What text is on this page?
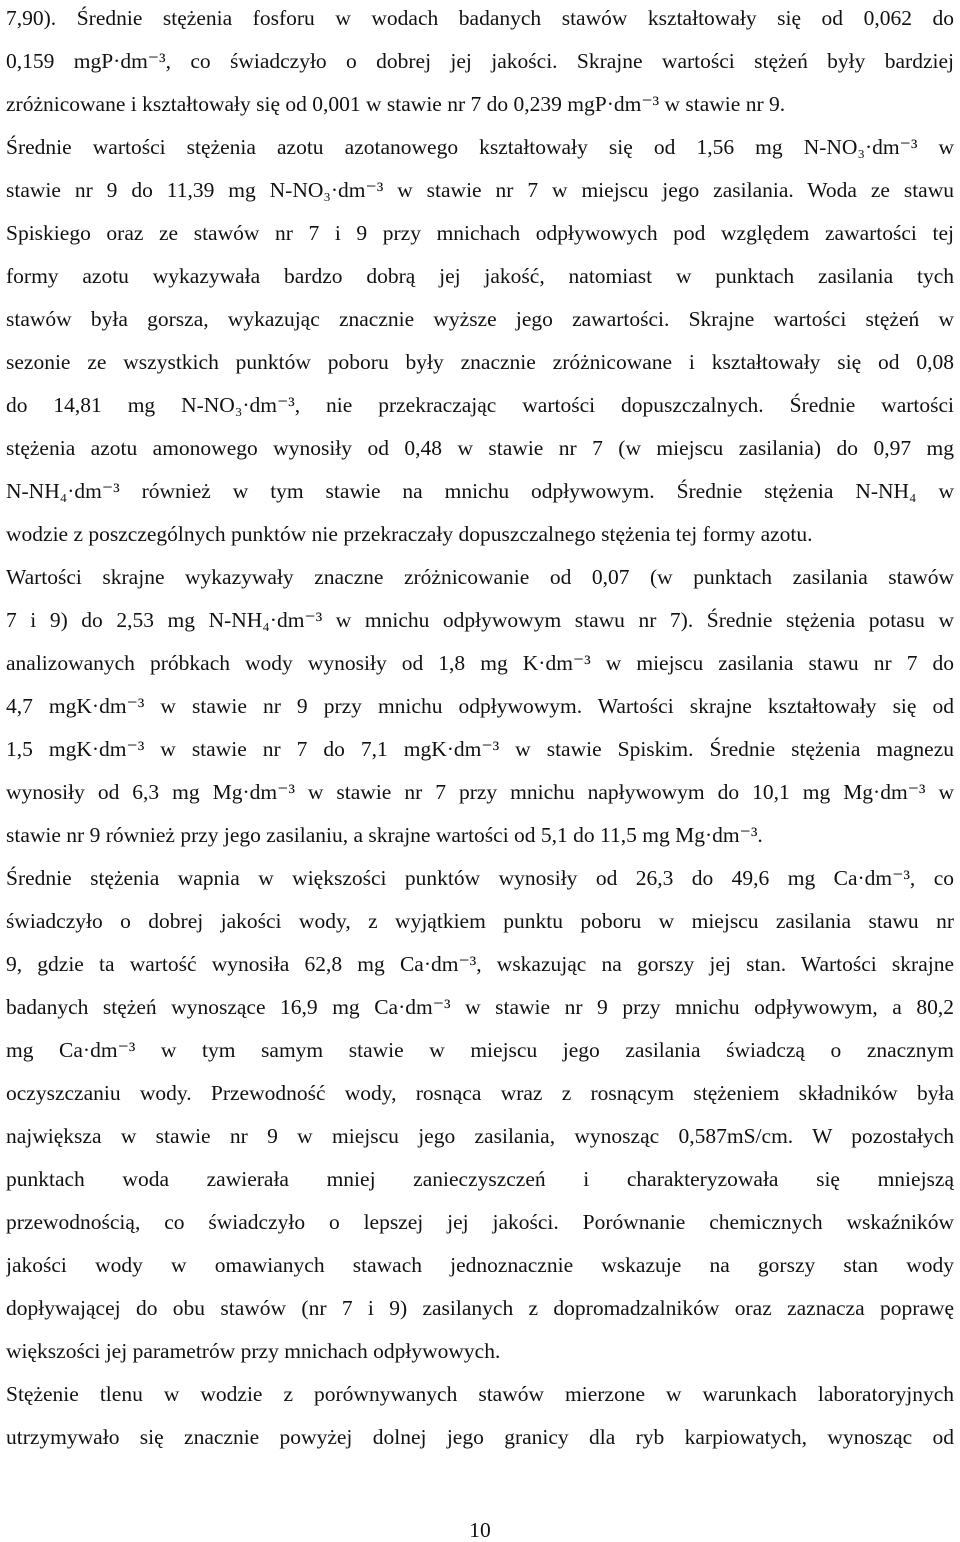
7,90). Średnie stężenia fosforu w wodach badanych stawów kształtowały się od 0,062 do
0,159 mgP·dm⁻³, co świadczyło o dobrej jej jakości. Skrajne wartości stężeń były bardziej
zróżnicowane i kształtowały się od 0,001 w stawie nr 7 do 0,239 mgP·dm⁻³ w stawie nr 9.
Średnie wartości stężenia azotu azotanowego kształtowały się od 1,56 mg N-NO₃·dm⁻³ w
stawie nr 9 do 11,39 mg N-NO₃·dm⁻³ w stawie nr 7 w miejscu jego zasilania. Woda ze stawu
Spiskiego oraz ze stawów nr 7 i 9 przy mnichach odpływowych pod względem zawartości tej
formy azotu wykazywała bardzo dobrą jej jakość, natomiast w punktach zasilania tych
stawów była gorsza, wykazując znacznie wyższe jego zawartości. Skrajne wartości stężeń w
sezonie ze wszystkich punktów poboru były znacznie zróżnicowane i kształtowały się od 0,08
do 14,81 mg N-NO₃·dm⁻³, nie przekraczając wartości dopuszczalnych. Średnie wartości
stężenia azotu amonowego wynosiły od 0,48 w stawie nr 7 (w miejscu zasilania) do 0,97 mg
N-NH₄·dm⁻³ również w tym stawie na mnichu odpływowym. Średnie stężenia N-NH₄ w
wodzie z poszczególnych punktów nie przekraczały dopuszczalnego stężenia tej formy azotu.
Wartości skrajne wykazywały znaczne zróżnicowanie od 0,07 (w punktach zasilania stawów
7 i 9) do 2,53 mg N-NH₄·dm⁻³ w mnichu odpływowym stawu nr 7). Średnie stężenia potasu w
analizowanych próbkach wody wynosiły od 1,8 mg K·dm⁻³ w miejscu zasilania stawu nr 7 do
4,7 mgK·dm⁻³ w stawie nr 9 przy mnichu odpływowym. Wartości skrajne kształtowały się od
1,5 mgK·dm⁻³ w stawie nr 7 do 7,1 mgK·dm⁻³ w stawie Spiskim. Średnie stężenia magnezu
wynosiły od 6,3 mg Mg·dm⁻³ w stawie nr 7 przy mnichu napływowym do 10,1 mg Mg·dm⁻³ w
stawie nr 9 również przy jego zasilaniu, a skrajne wartości od 5,1 do 11,5 mg Mg·dm⁻³.
Średnie stężenia wapnia w większości punktów wynosiły od 26,3 do 49,6 mg Ca·dm⁻³, co
świadczyło o dobrej jakości wody, z wyjątkiem punktu poboru w miejscu zasilania stawu nr
9, gdzie ta wartość wynosiła 62,8 mg Ca·dm⁻³, wskazując na gorszy jej stan. Wartości skrajne
badanych stężeń wynoszące 16,9 mg Ca·dm⁻³ w stawie nr 9 przy mnichu odpływowym, a 80,2
mg Ca·dm⁻³ w tym samym stawie w miejscu jego zasilania świadczą o znacznym
oczyszczaniu wody. Przewodność wody, rosnąca wraz z rosnącym stężeniem składników była
największa w stawie nr 9 w miejscu jego zasilania, wynosząc 0,587mS/cm. W pozostałych
punktach woda zawierała mniej zanieczyszczeń i charakteryzowała się mniejszą
przewodnością, co świadczyło o lepszej jej jakości. Porównanie chemicznych wskaźników
jakości wody w omawianych stawach jednoznacznie wskazuje na gorszy stan wody
dopływającej do obu stawów (nr 7 i 9) zasilanych z dopromadzalników oraz zaznacza poprawę
większości jej parametrów przy mnichach odpływowych.
Stężenie tlenu w wodzie z porównywanych stawów mierzone w warunkach laboratoryjnych
utrzymywało się znacznie powyżej dolnej jego granicy dla ryb karpiowatych, wynosząc od
10
